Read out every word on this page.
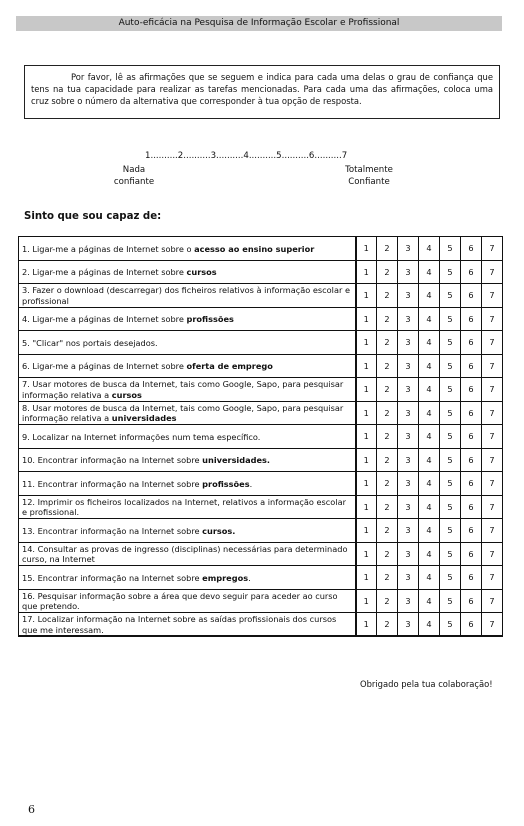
Auto-eficácia na Pesquisa de Informação Escolar e Profissional
Por favor, lê as afirmações que se seguem e indica para cada uma delas o grau de confiança que tens na tua capacidade para realizar as tarefas mencionadas. Para cada uma das afirmações, coloca uma cruz sobre o número da alternativa que corresponder à tua opção de resposta.
1..........2..........3..........4..........5..........6..........7
Nada confiante
Totalmente Confiante
Sinto que sou capaz de:
1. Ligar-me a páginas de Internet sobre o acesso ao ensino superior	1	2	3	4	5	6	7
2. Ligar-me a páginas de Internet sobre cursos	1	2	3	4	5	6	7
3. Fazer o download (descarregar) dos ficheiros relativos à informação escolar e profissional	1	2	3	4	5	6	7
4. Ligar-me a páginas de Internet sobre profissões	1	2	3	4	5	6	7
5. "Clicar" nos portais desejados.	1	2	3	4	5	6	7
6. Ligar-me a páginas de Internet sobre oferta de emprego	1	2	3	4	5	6	7
7. Usar motores de busca da Internet, tais como Google, Sapo, para pesquisar informação relativa a cursos	1	2	3	4	5	6	7
8. Usar motores de busca da Internet, tais como Google, Sapo, para pesquisar informação relativa a universidades	1	2	3	4	5	6	7
9. Localizar na Internet informações num tema específico.	1	2	3	4	5	6	7
10. Encontrar informação na Internet sobre universidades.	1	2	3	4	5	6	7
11. Encontrar informação na Internet sobre profissões.	1	2	3	4	5	6	7
12. Imprimir os ficheiros localizados na Internet, relativos a informação escolar e profissional.	1	2	3	4	5	6	7
13. Encontrar informação na Internet sobre cursos.	1	2	3	4	5	6	7
14. Consultar as provas de ingresso (disciplinas) necessárias para determinado curso, na Internet	1	2	3	4	5	6	7
15. Encontrar informação na Internet sobre empregos.	1	2	3	4	5	6	7
16. Pesquisar informação sobre a área que devo seguir para aceder ao curso que pretendo.	1	2	3	4	5	6	7
17. Localizar informação na Internet sobre as saídas profissionais dos cursos que me interessam.	1	2	3	4	5	6	7
Obrigado pela tua colaboração!
6
